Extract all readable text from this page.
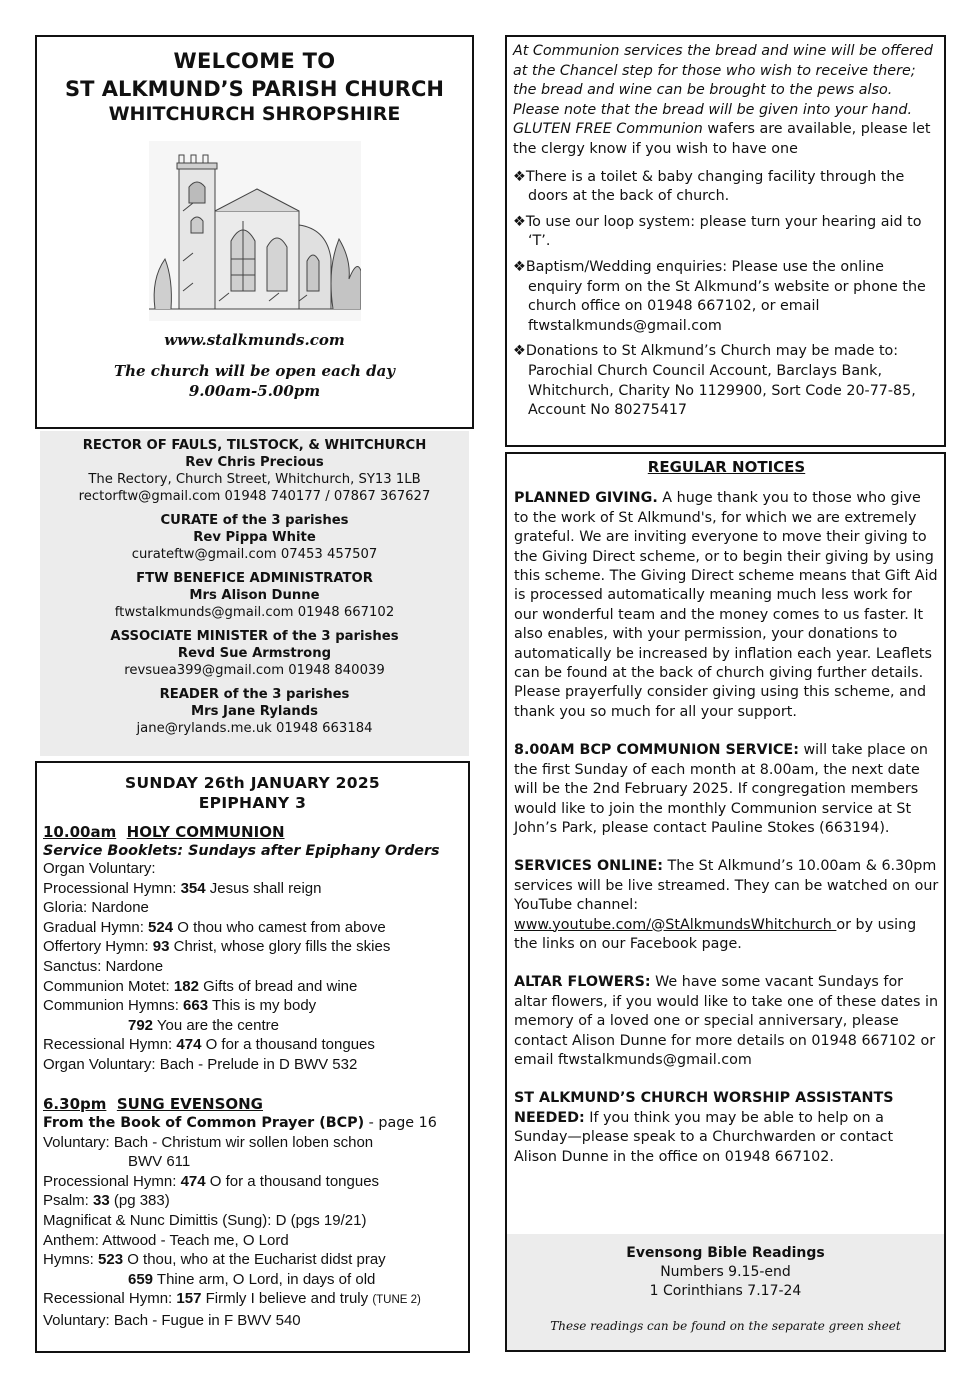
WELCOME TO
ST ALKMUND’S PARISH CHURCH
WHITCHURCH SHROPSHIRE
www.stalkmunds.com
The church will be open each day
9.00am-5.00pm
RECTOR OF FAULS, TILSTOCK, & WHITCHURCH
Rev Chris Precious
The Rectory, Church Street, Whitchurch, SY13 1LB
rectorftw@gmail.com 01948 740177 / 07867 367627
CURATE of the 3 parishes
Rev Pippa White
curateftw@gmail.com 07453 457507
FTW BENEFICE ADMINISTRATOR
Mrs Alison Dunne
ftwstalkmunds@gmail.com 01948 667102
ASSOCIATE MINISTER of the 3 parishes
Revd Sue Armstrong
revsuea399@gmail.com 01948 840039
READER of the 3 parishes
Mrs Jane Rylands
jane@rylands.me.uk 01948 663184
SUNDAY 26th JANUARY 2025
EPIPHANY 3
10.00am HOLY COMMUNION
Service Booklets: Sundays after Epiphany Orders
Organ Voluntary:
Processional Hymn: 354 Jesus shall reign
Gloria: Nardone
Gradual Hymn: 524 O thou who camest from above
Offertory Hymn: 93 Christ, whose glory fills the skies
Sanctus: Nardone
Communion Motet: 182 Gifts of bread and wine
Communion Hymns: 663 This is my body
792 You are the centre
Recessional Hymn: 474 O for a thousand tongues
Organ Voluntary: Bach - Prelude in D BWV 532
6.30pm SUNG EVENSONG
From the Book of Common Prayer (BCP) - page 16
Voluntary: Bach - Christum wir sollen loben schon
BWV 611
Processional Hymn: 474 O for a thousand tongues
Psalm: 33 (pg 383)
Magnificat & Nunc Dimittis (Sung): D (pgs 19/21)
Anthem: Attwood - Teach me, O Lord
Hymns: 523 O thou, who at the Eucharist didst pray
659 Thine arm, O Lord, in days of old
Recessional Hymn: 157 Firmly I believe and truly (TUNE 2)
Voluntary: Bach - Fugue in F BWV 540
At Communion services the bread and wine will be offered at the Chancel step for those who wish to receive there; the bread and wine can be brought to the pews also. Please note that the bread will be given into your hand. GLUTEN FREE Communion wafers are available, please let the clergy know if you wish to have one
❖There is a toilet & baby changing facility through the doors at the back of church.
❖To use our loop system: please turn your hearing aid to ‘T’.
❖Baptism/Wedding enquiries: Please use the online enquiry form on the St Alkmund’s website or phone the church office on 01948 667102, or email ftwstalkmunds@gmail.com
❖Donations to St Alkmund’s Church may be made to: Parochial Church Council Account, Barclays Bank, Whitchurch, Charity No 1129900, Sort Code 20-77-85, Account No 80275417
REGULAR NOTICES

PLANNED GIVING. A huge thank you to those who give to the work of St Alkmund's, for which we are extremely grateful. We are inviting everyone to move their giving to the Giving Direct scheme, or to begin their giving by using this scheme. The Giving Direct scheme means that Gift Aid is processed automatically meaning much less work for our wonderful team and the money comes to us faster. It also enables, with your permission, your donations to automatically be increased by inflation each year. Leaflets can be found at the back of church giving further details. Please prayerfully consider giving using this scheme, and thank you so much for all your support.

8.00AM BCP COMMUNION SERVICE: will take place on the first Sunday of each month at 8.00am, the next date will be the 2nd February 2025. If congregation members would like to join the monthly Communion service at St John’s Park, please contact Pauline Stokes (663194).

SERVICES ONLINE: The St Alkmund’s 10.00am & 6.30pm services will be live streamed. They can be watched on our YouTube channel: www.youtube.com/@StAlkmundsWhitchurch or by using the links on our Facebook page.

ALTAR FLOWERS: We have some vacant Sundays for altar flowers, if you would like to take one of these dates in memory of a loved one or special anniversary, please contact Alison Dunne for more details on 01948 667102 or email ftwstalkmunds@gmail.com

ST ALKMUND’S CHURCH WORSHIP ASSISTANTS NEEDED: If you think you may be able to help on a Sunday—please speak to a Churchwarden or contact Alison Dunne in the office on 01948 667102.

Evensong Bible Readings
Numbers 9.15-end
1 Corinthians 7.17-24
These readings can be found on the separate green sheet
